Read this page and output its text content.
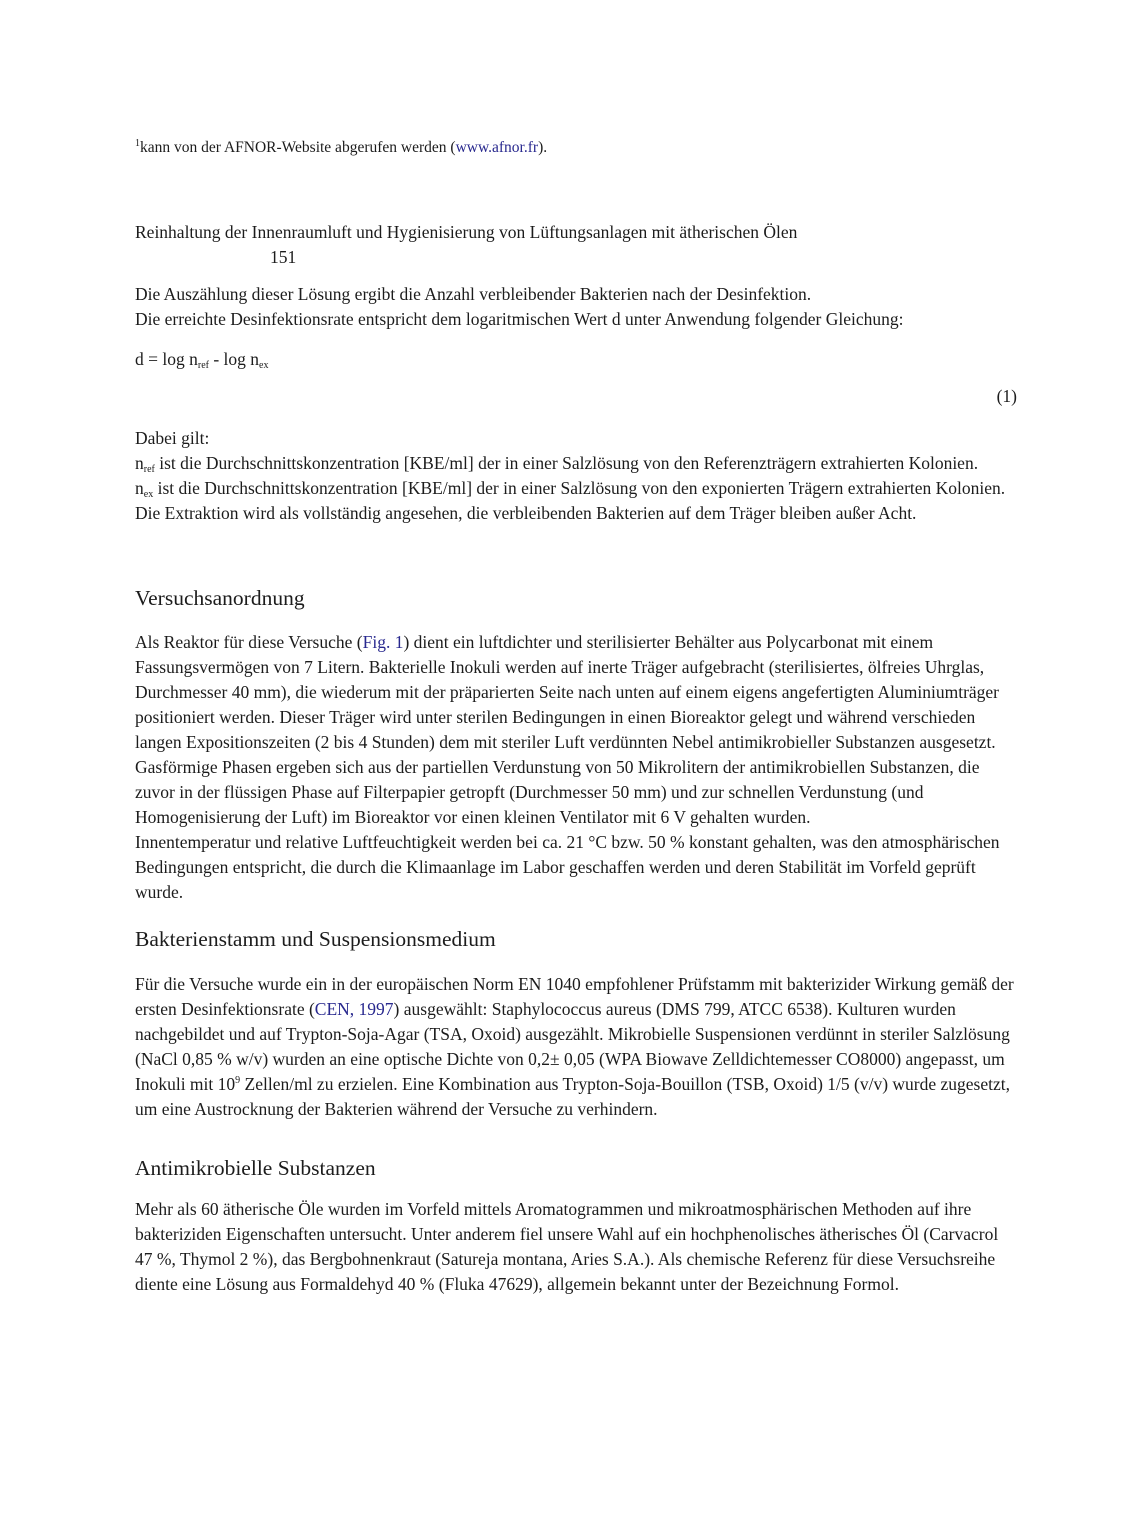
$^1$kann von der AFNOR-Website abgerufen werden (www.afnor.fr).
Reinhaltung der Innenraumluft und Hygienisierung von Lüftungsanlagen mit ätherischen Ölen
151
Die Auszählung dieser Lösung ergibt die Anzahl verbleibender Bakterien nach der Desinfektion.
Die erreichte Desinfektionsrate entspricht dem logaritmischen Wert d unter Anwendung folgender Gleichung:
$d = \log n_{ref} - \log n_{ex}$
(1)
Dabei gilt:
$n_{ref}$ ist die Durchschnittskonzentration [KBE/ml] der in einer Salzlösung von den Referenzträgern extrahierten Kolonien.
$n_{ex}$ ist die Durchschnittskonzentration [KBE/ml] der in einer Salzlösung von den exponierten Trägern extrahierten Kolonien. Die Extraktion wird als vollständig angesehen, die verbleibenden Bakterien auf dem Träger bleiben außer Acht.
Versuchsanordnung
Als Reaktor für diese Versuche (Fig. 1) dient ein luftdichter und sterilisierter Behälter aus Polycarbonat mit einem Fassungsvermögen von 7 Litern. Bakterielle Inokuli werden auf inerte Träger aufgebracht (sterilisiertes, ölfreies Uhrglas, Durchmesser 40 mm), die wiederum mit der präparierten Seite nach unten auf einem eigens angefertigten Aluminiumträger positioniert werden. Dieser Träger wird unter sterilen Bedingungen in einen Bioreaktor gelegt und während verschieden langen Expositionszeiten (2 bis 4 Stunden) dem mit steriler Luft verdünnten Nebel antimikrobieller Substanzen ausgesetzt. Gasförmige Phasen ergeben sich aus der partiellen Verdunstung von 50 Mikrolitern der antimikrobiellen Substanzen, die zuvor in der flüssigen Phase auf Filterpapier getropft (Durchmesser 50 mm) und zur schnellen Verdunstung (und Homogenisierung der Luft) im Bioreaktor vor einen kleinen Ventilator mit 6 V gehalten wurden.
Innentemperatur und relative Luftfeuchtigkeit werden bei ca. 21 °C bzw. 50 % konstant gehalten, was den atmosphärischen Bedingungen entspricht, die durch die Klimaanlage im Labor geschaffen werden und deren Stabilität im Vorfeld geprüft wurde.
Bakterienstamm und Suspensionsmedium
Für die Versuche wurde ein in der europäischen Norm EN 1040 empfohlener Prüfstamm mit bakterizider Wirkung gemäß der ersten Desinfektionsrate (CEN, 1997) ausgewählt: Staphylococcus aureus (DMS 799, ATCC 6538). Kulturen wurden nachgebildet und auf Trypton-Soja-Agar (TSA, Oxoid) ausgezählt. Mikrobielle Suspensionen verdünnt in steriler Salzlösung (NaCl 0,85 % w/v) wurden an eine optische Dichte von 0,2± 0,05 (WPA Biowave Zelldichtemesser CO8000) angepasst, um Inokuli mit $10^9$ Zellen/ml zu erzielen. Eine Kombination aus Trypton-Soja-Bouillon (TSB, Oxoid) 1/5 (v/v) wurde zugesetzt, um eine Austrocknung der Bakterien während der Versuche zu verhindern.
Antimikrobielle Substanzen
Mehr als 60 ätherische Öle wurden im Vorfeld mittels Aromatogrammen und mikroatmosphärischen Methoden auf ihre bakteriziden Eigenschaften untersucht. Unter anderem fiel unsere Wahl auf ein hochphenolisches ätherisches Öl (Carvacrol 47 %, Thymol 2 %), das Bergbohnenkraut (Satureja montana, Aries S.A.). Als chemische Referenz für diese Versuchsreihe diente eine Lösung aus Formaldehyd 40 % (Fluka 47629), allgemein bekannt unter der Bezeichnung Formol.
